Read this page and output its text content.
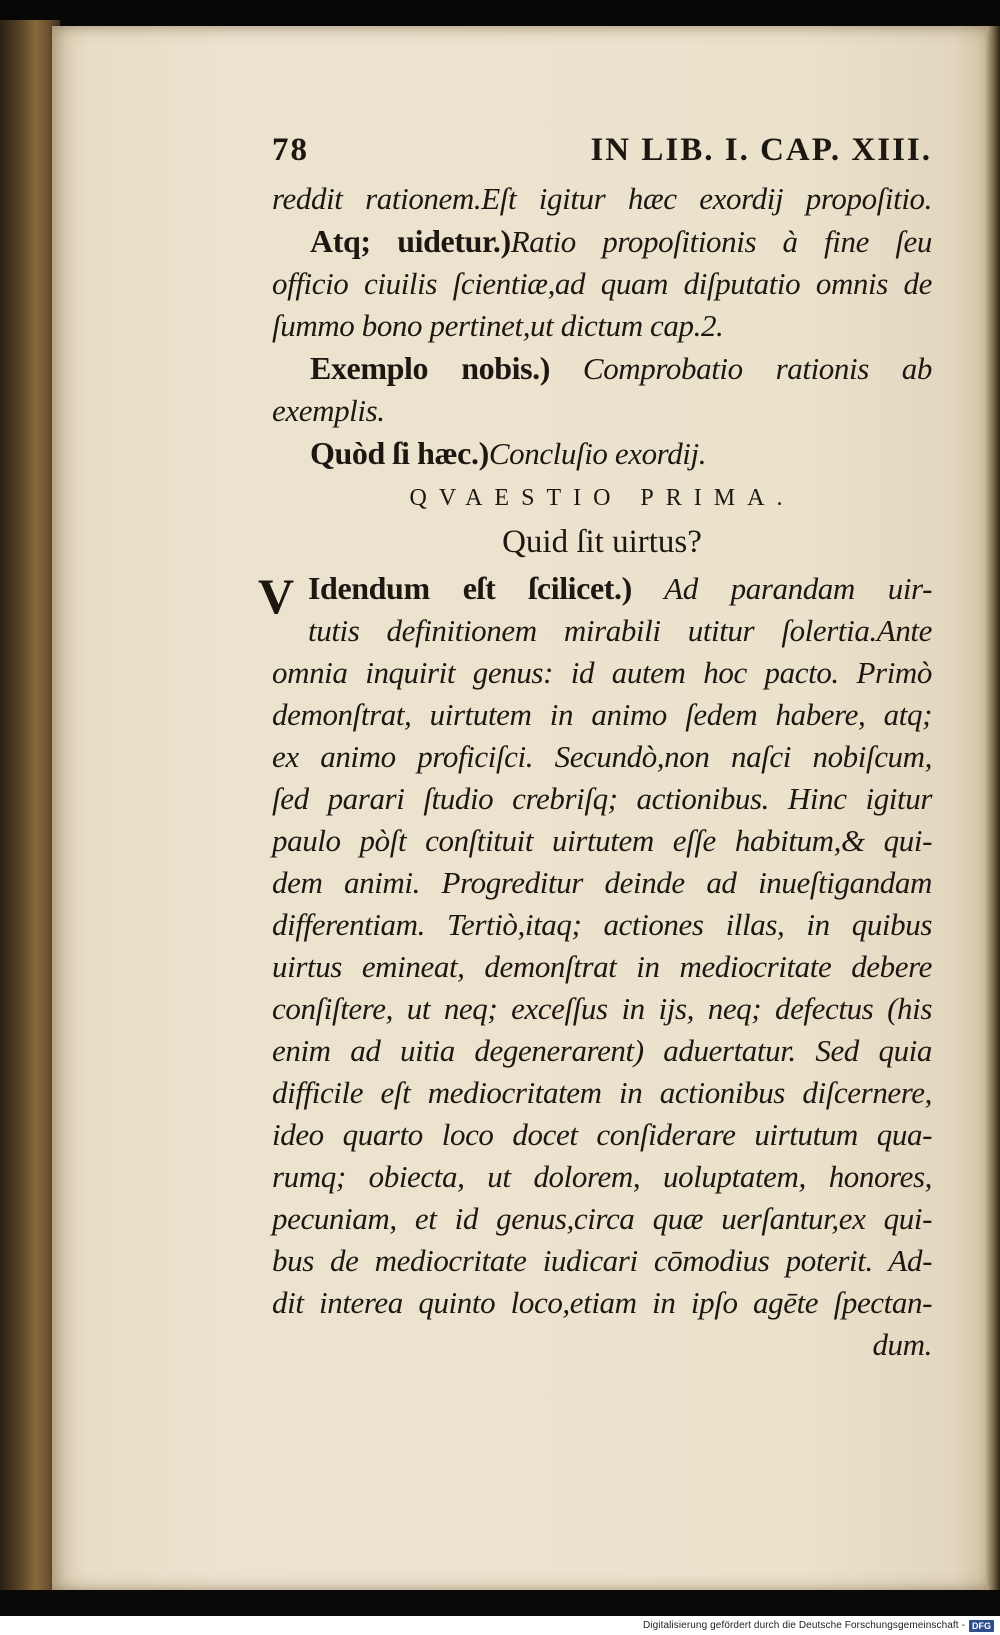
78	IN LIB. I. CAP. XIII.
reddit rationem.Eſt igitur hæc exordij propoſitio.
Atq; uidetur.)Ratio propoſitionis à fine ſeu
officio ciuilis ſcientiæ,ad quam diſputatio omnis de
ſummo bono pertinet,ut dictum cap.2.
Exemplo nobis.) Comprobatio rationis ab
exemplis.
Quòd ſi hæc.)Concluſio exordij.
QVAESTIO PRIMA.
Quid ſit uirtus?
V Idendum eſt ſcilicet.) Ad parandam uir-
tutis definitionem mirabili utitur ſolertia.Ante
omnia inquirit genus: id autem hoc pacto. Primò
demonſtrat, uirtutem in animo ſedem habere, atq;
ex animo proficiſci. Secundò,non naſci nobiſcum,
ſed parari ſtudio crebriſq; actionibus. Hinc igitur
paulo pòſt conſtituit uirtutem eſſe habitum,& qui-
dem animi. Progreditur deinde ad inueſtigandam
differentiam. Tertiò,itaq; actiones illas, in quibus
uirtus emineat, demonſtrat in mediocritate debere
conſiſtere, ut neq; exceſſus in ijs, neq; defectus (his
enim ad uitia degenerarent) aduertatur. Sed quia
difficile eſt mediocritatem in actionibus diſcernere,
ideo quarto loco docet conſiderare uirtutum qua-
rumq; obiecta, ut dolorem, uoluptatem, honores,
pecuniam, et id genus,circa quæ uerſantur,ex qui-
bus de mediocritate iudicari cōmodius poterit. Ad-
dit interea quinto loco,etiam in ipſo agēte ſpectan-
dum.
Digitalisierung gefördert durch die Deutsche Forschungsgemeinschaft - DFG
